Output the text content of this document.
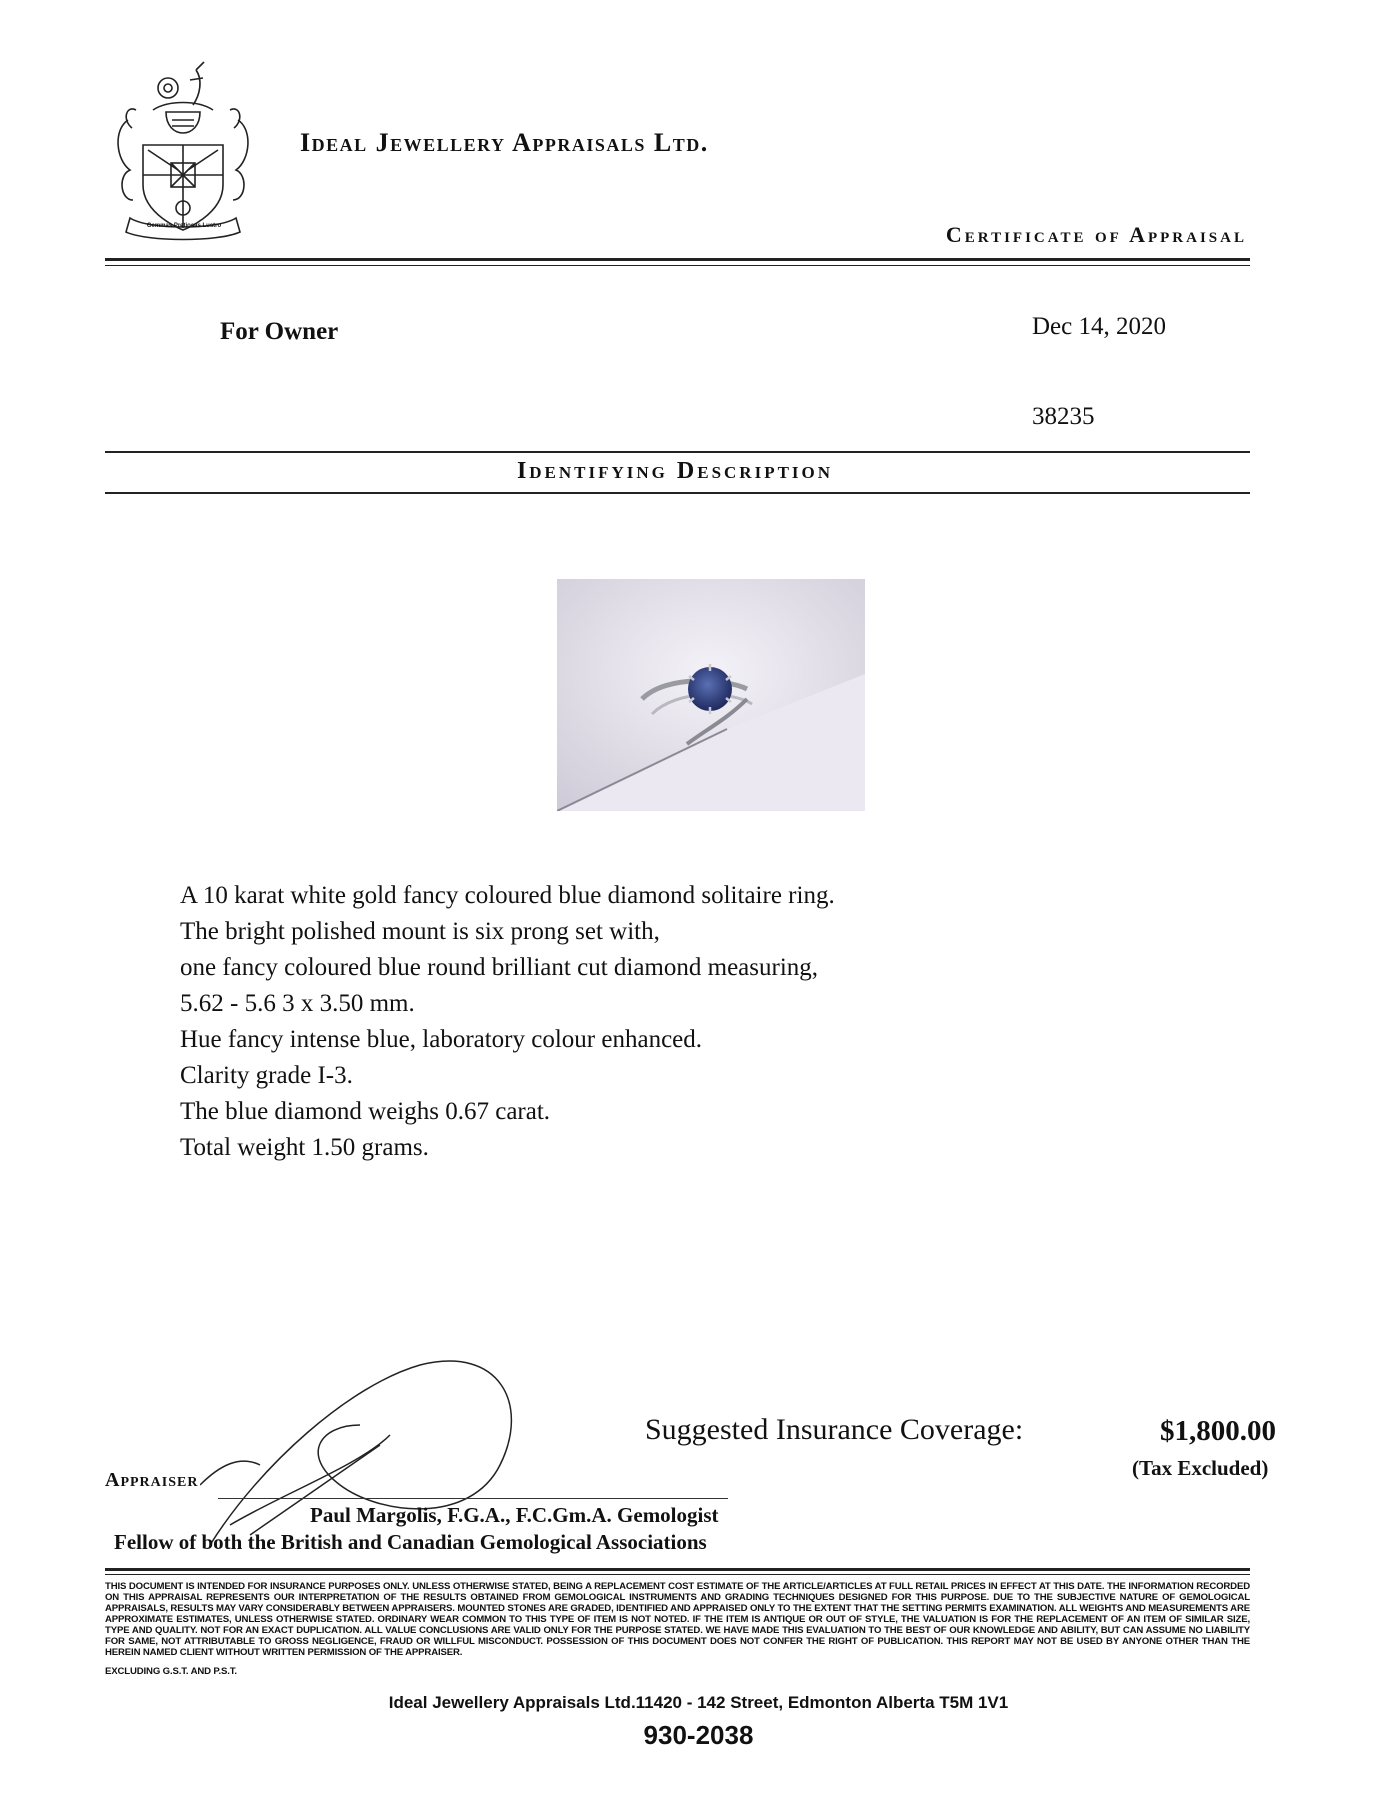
Gemmas Pretiosas Lustro
Ideal Jewellery Appraisals Ltd.
Certificate of Appraisal
For Owner	Dec 14, 2020
38235
Identifying Description
A 10 karat white gold fancy coloured blue diamond solitaire ring.
The bright polished mount is six prong set with,
one fancy coloured blue round brilliant cut diamond measuring,
5.62 - 5.6 3 x 3.50 mm.
Hue fancy intense blue, laboratory colour enhanced.
Clarity grade I-3.
The blue diamond weighs 0.67 carat.
Total weight 1.50 grams.
Suggested Insurance Coverage:	$1,800.00
(Tax Excluded)
Appraiser
Paul Margolis, F.G.A., F.C.Gm.A. Gemologist
Fellow of both the British and Canadian Gemological Associations
THIS DOCUMENT IS INTENDED FOR INSURANCE PURPOSES ONLY. UNLESS OTHERWISE STATED, BEING A REPLACEMENT COST ESTIMATE OF THE ARTICLE/ARTICLES AT FULL RETAIL PRICES IN EFFECT AT THIS DATE. THE INFORMATION RECORDED ON THIS APPRAISAL REPRESENTS OUR INTERPRETATION OF THE RESULTS OBTAINED FROM GEMOLOGICAL INSTRUMENTS AND GRADING TECHNIQUES DESIGNED FOR THIS PURPOSE. DUE TO THE SUBJECTIVE NATURE OF GEMOLOGICAL APPRAISALS, RESULTS MAY VARY CONSIDERABLY BETWEEN APPRAISERS. MOUNTED STONES ARE GRADED, IDENTIFIED AND APPRAISED ONLY TO THE EXTENT THAT THE SETTING PERMITS EXAMINATION. ALL WEIGHTS AND MEASUREMENTS ARE APPROXIMATE ESTIMATES, UNLESS OTHERWISE STATED. ORDINARY WEAR COMMON TO THIS TYPE OF ITEM IS NOT NOTED. IF THE ITEM IS ANTIQUE OR OUT OF STYLE, THE VALUATION IS FOR THE REPLACEMENT OF AN ITEM OF SIMILAR SIZE, TYPE AND QUALITY. NOT FOR AN EXACT DUPLICATION. ALL VALUE CONCLUSIONS ARE VALID ONLY FOR THE PURPOSE STATED. WE HAVE MADE THIS EVALUATION TO THE BEST OF OUR KNOWLEDGE AND ABILITY, BUT CAN ASSUME NO LIABILITY FOR SAME, NOT ATTRIBUTABLE TO GROSS NEGLIGENCE, FRAUD OR WILLFUL MISCONDUCT. POSSESSION OF THIS DOCUMENT DOES NOT CONFER THE RIGHT OF PUBLICATION. THIS REPORT MAY NOT BE USED BY ANYONE OTHER THAN THE HEREIN NAMED CLIENT WITHOUT WRITTEN PERMISSION OF THE APPRAISER.
EXCLUDING G.S.T. AND P.S.T.
Ideal Jewellery Appraisals Ltd.11420 - 142 Street, Edmonton Alberta T5M 1V1
930-2038
